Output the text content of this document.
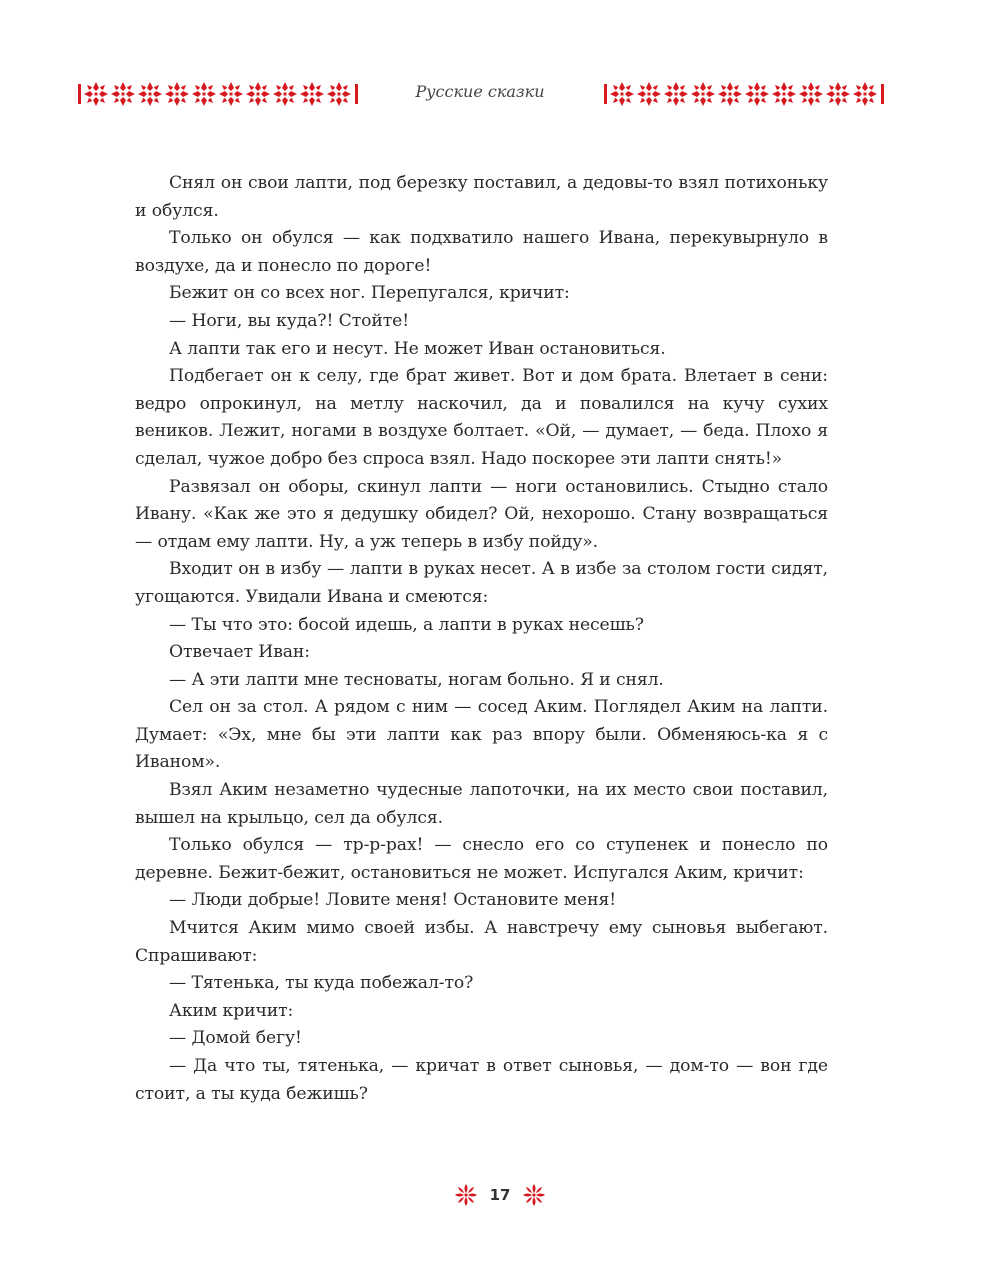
Русские сказки

Снял он свои лапти, под березку поставил, а дедовы-то взял потихоньку и обулся.

Только он обулся — как подхватило нашего Ивана, перекувырнуло в воздухе, да и понесло по дороге!

Бежит он со всех ног. Перепугался, кричит:

— Ноги, вы куда?! Стойте!

А лапти так его и несут. Не может Иван остановиться.

Подбегает он к селу, где брат живет. Вот и дом брата. Влетает в сени: ведро опрокинул, на метлу наскочил, да и повалился на кучу сухих веников. Лежит, ногами в воздухе болтает. «Ой, — думает, — беда. Плохо я сделал, чужое добро без спроса взял. Надо поскорее эти лапти снять!»

Развязал он оборы, скинул лапти — ноги остановились. Стыдно стало Ивану. «Как же это я дедушку обидел? Ой, нехорошо. Стану возвращаться — отдам ему лапти. Ну, а уж теперь в избу пойду».

Входит он в избу — лапти в руках несет. А в избе за столом гости сидят, угощаются. Увидали Ивана и смеются:

— Ты что это: босой идешь, а лапти в руках несешь?

Отвечает Иван:

— А эти лапти мне тесноваты, ногам больно. Я и снял.

Сел он за стол. А рядом с ним — сосед Аким. Поглядел Аким на лапти. Думает: «Эх, мне бы эти лапти как раз впору были. Обменяюсь-ка я с Иваном».

Взял Аким незаметно чудесные лапоточки, на их место свои поставил, вышел на крыльцо, сел да обулся.

Только обулся — тр-р-рах! — снесло его со ступенек и понесло по деревне. Бежит-бежит, остановиться не может. Испугался Аким, кричит:

— Люди добрые! Ловите меня! Остановите меня!

Мчится Аким мимо своей избы. А навстречу ему сыновья выбегают. Спрашивают:

— Тятенька, ты куда побежал-то?

Аким кричит:

— Домой бегу!

— Да что ты, тятенька, — кричат в ответ сыновья, — дом-то — вон где стоит, а ты куда бежишь?

17
